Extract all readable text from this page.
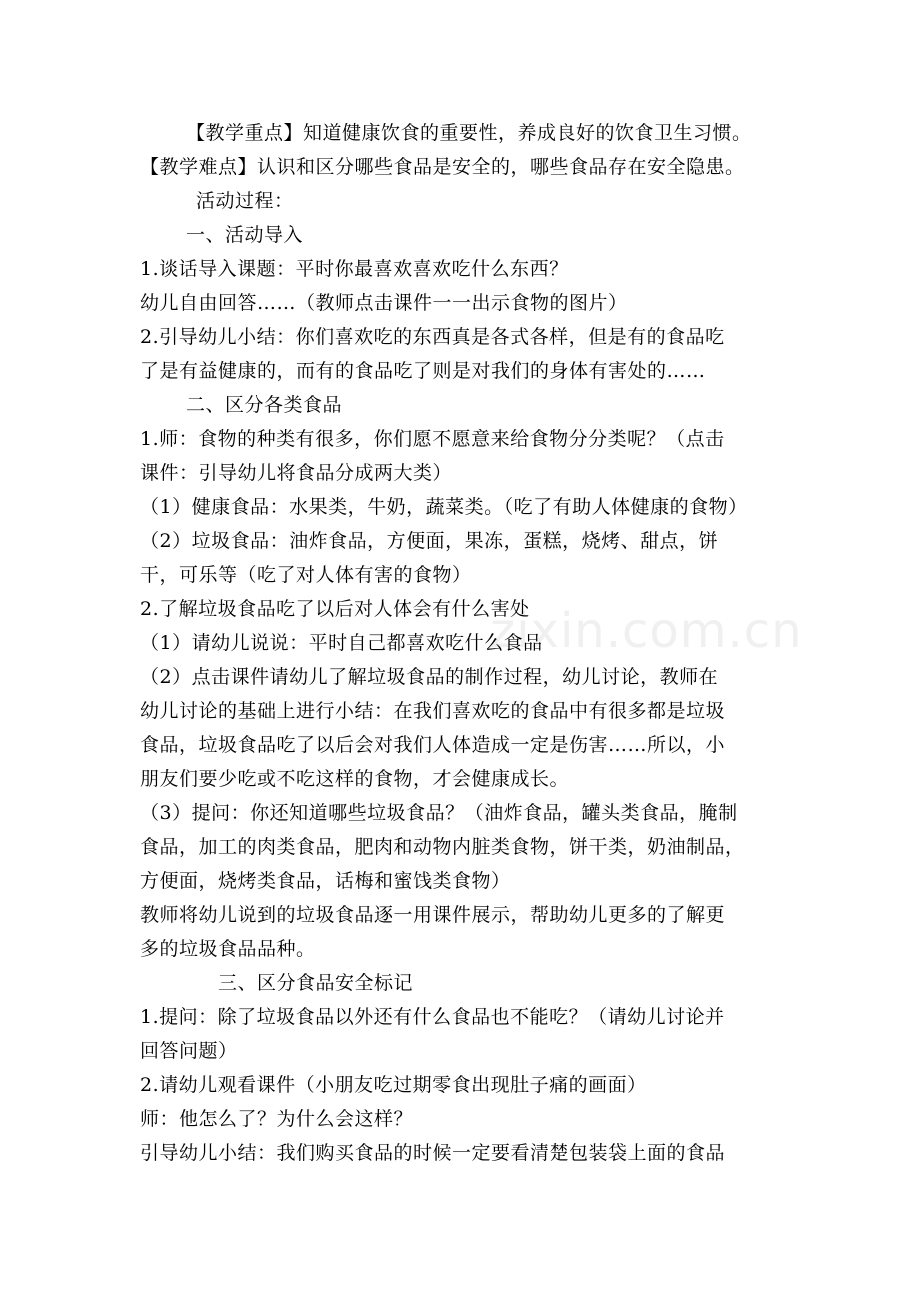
zixin.com.cn
【教学重点】知道健康饮食的重要性，养成良好的饮食卫生习惯。
【教学难点】认识和区分哪些食品是安全的，哪些食品存在安全隐患。
活动过程：
一、活动导入
1.谈话导入课题：平时你最喜欢喜欢吃什么东西？
幼儿自由回答……（教师点击课件一一出示食物的图片）
2.引导幼儿小结：你们喜欢吃的东西真是各式各样，但是有的食品吃
了是有益健康的，而有的食品吃了则是对我们的身体有害处的……
二、区分各类食品
1.师：食物的种类有很多，你们愿不愿意来给食物分分类呢？（点击
课件：引导幼儿将食品分成两大类）
（1）健康食品：水果类，牛奶，蔬菜类。（吃了有助人体健康的食物）
（2）垃圾食品：油炸食品，方便面，果冻，蛋糕，烧烤、甜点，饼
干，可乐等（吃了对人体有害的食物）
2.了解垃圾食品吃了以后对人体会有什么害处
（1）请幼儿说说：平时自己都喜欢吃什么食品
（2）点击课件请幼儿了解垃圾食品的制作过程，幼儿讨论，教师在
幼儿讨论的基础上进行小结：在我们喜欢吃的食品中有很多都是垃圾
食品，垃圾食品吃了以后会对我们人体造成一定是伤害……所以，小
朋友们要少吃或不吃这样的食物，才会健康成长。
（3）提问：你还知道哪些垃圾食品？（油炸食品，罐头类食品，腌制
食品，加工的肉类食品，肥肉和动物内脏类食物，饼干类，奶油制品，
方便面，烧烤类食品，话梅和蜜饯类食物）
教师将幼儿说到的垃圾食品逐一用课件展示，帮助幼儿更多的了解更
多的垃圾食品品种。
三、区分食品安全标记
1.提问：除了垃圾食品以外还有什么食品也不能吃？（请幼儿讨论并
回答问题）
2.请幼儿观看课件（小朋友吃过期零食出现肚子痛的画面）
师：他怎么了？为什么会这样？
引导幼儿小结：我们购买食品的时候一定要看清楚包装袋上面的食品
